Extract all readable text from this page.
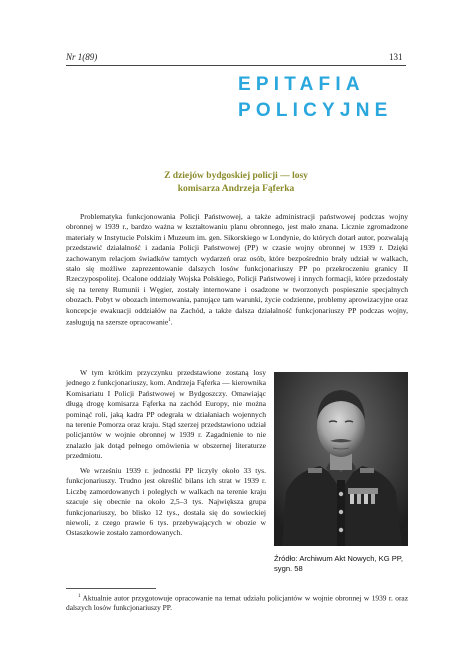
Nr 1(89)	131
EPITAFIA
POLICYJNE
Z dziejów bydgoskiej policji — losy
komisarza Andrzeja Fąferka

Problematyka funkcjonowania Policji Państwowej, a także administracji państwowej podczas wojny obronnej w 1939 r., bardzo ważna w kształtowaniu planu obronnego, jest mało znana. Licznie zgromadzone materiały w Instytucie Polskim i Muzeum im. gen. Sikorskiego w Londynie, do których dotarł autor, pozwalają przedstawić działalność i zadania Policji Państwowej (PP) w czasie wojny obronnej w 1939 r. Dzięki zachowanym relacjom świadków tamtych wydarzeń oraz osób, które bezpośrednio brały udział w walkach, stało się możliwe zaprezentowanie dalszych losów funkcjonariuszy PP po przekroczeniu granicy II Rzeczypospolitej. Ocalone oddziały Wojska Polskiego, Policji Państwowej i innych formacji, które przedostały się na tereny Rumunii i Węgier, zostały internowane i osadzone w tworzonych pospiesznie specjalnych obozach. Pobyt w obozach internowania, panujące tam warunki, życie codzienne, problemy aprowizacyjne oraz koncepcje ewakuacji oddziałów na Zachód, a także dalsza działalność funkcjonariuszy PP podczas wojny, zasługują na szersze opracowanie$^1$.

W tym krótkim przyczynku przedstawione zostaną losy jednego z funkcjonariuszy, kom. Andrzeja Fąferka — kierownika Komisariatu I Policji Państwowej w Bydgoszczy. Omawiając długą drogę komisarza Fąferka na zachód Europy, nie można pominąć roli, jaką kadra PP odegrała w działaniach wojennych na terenie Pomorza oraz kraju. Stąd szerzej przedstawiono udział policjantów w wojnie obronnej w 1939 r. Zagadnienie to nie znalazło jak dotąd pełnego omówienia w obszernej literaturze przedmiotu.

We wrześniu 1939 r. jednostki PP liczyły około 33 tys. funkcjonariuszy. Trudno jest określić bilans ich strat w 1939 r. Liczbę zamordowanych i poległych w walkach na terenie kraju szacuje się obecnie na około 2,5–3 tys. Największa grupa funkcjonariuszy, bo blisko 12 tys., dostała się do sowieckiej niewoli, z czego prawie 6 tys. przebywających w obozie w Ostaszkowie zostało zamordowanych.

Źródło: Archiwum Akt Nowych, KG PP, sygn. 58

$^1$ Aktualnie autor przygotowuje opracowanie na temat udziału policjantów w wojnie obronnej w 1939 r. oraz dalszych losów funkcjonariuszy PP.
